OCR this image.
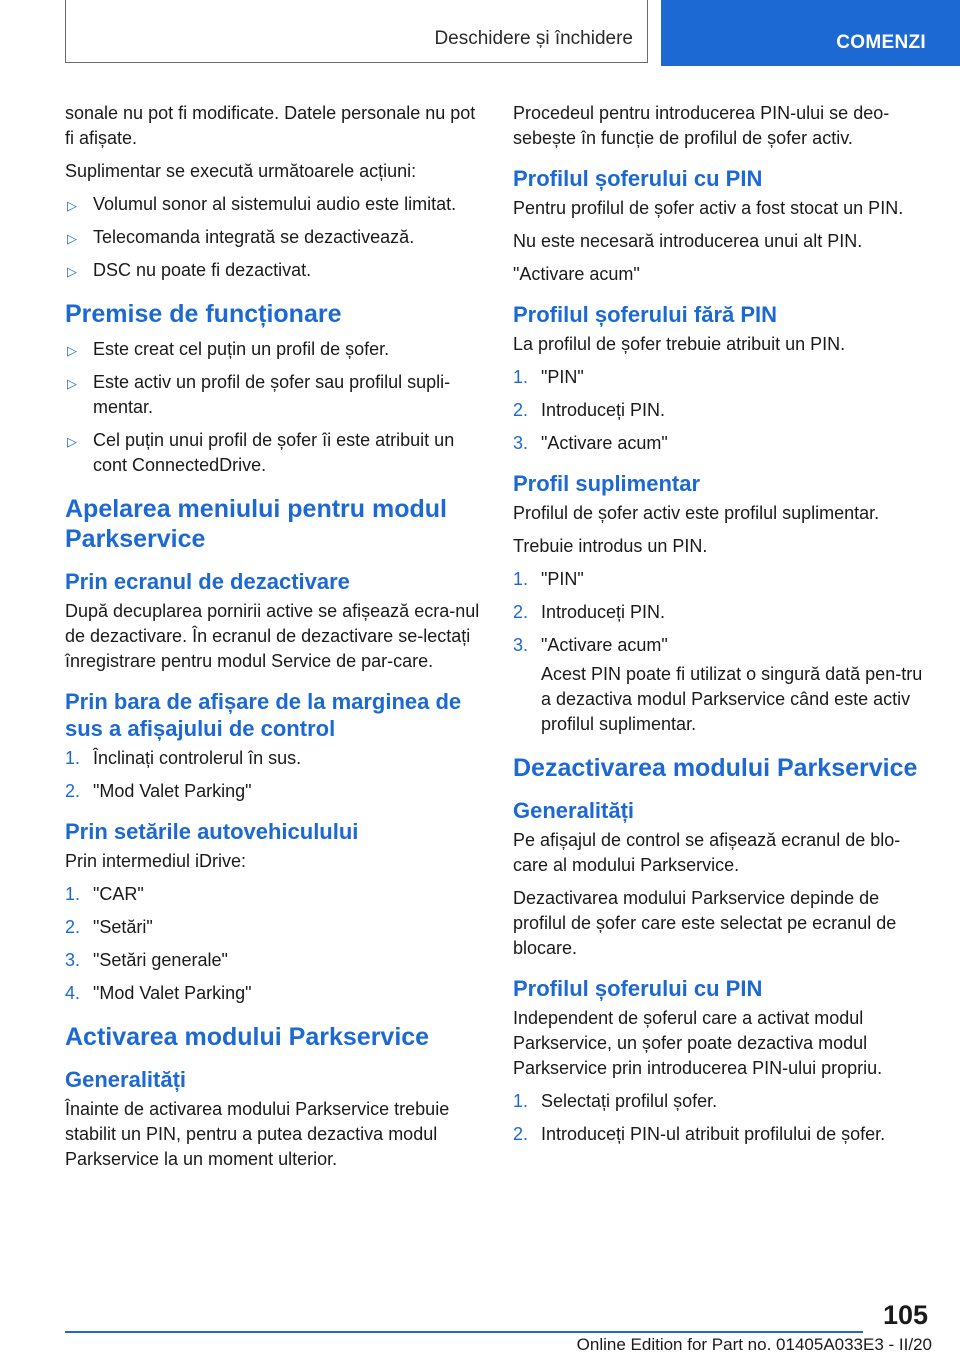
Deschidere și închidere	COMENZI

sonale nu pot fi modificate. Datele personale nu pot fi afișate.

Suplimentar se execută următoarele acțiuni:

▷ Volumul sonor al sistemului audio este limitat.
▷ Telecomanda integrată se dezactivează.
▷ DSC nu poate fi dezactivat.
Premise de funcționare
▷ Este creat cel puțin un profil de șofer.
▷ Este activ un profil de șofer sau profilul supli-mentar.
▷ Cel puțin unui profil de șofer îi este atribuit un cont ConnectedDrive.
Apelarea meniului pentru modul Parkservice
Prin ecranul de dezactivare

După decuplarea pornirii active se afișează ecra-nul de dezactivare. În ecranul de dezactivare se-lectați înregistrare pentru modul Service de par-care.

Prin bara de afișare de la marginea de sus a afișajului de control
1. Înclinați controlerul în sus.
2. "Mod Valet Parking"
Prin setările autovehiculului

Prin intermediul iDrive:

1. "CAR"
2. "Setări"
3. "Setări generale"
4. "Mod Valet Parking"
Activarea modului Parkservice
Generalități

Înainte de activarea modului Parkservice trebuie stabilit un PIN, pentru a putea dezactiva modul Parkservice la un moment ulterior.

Procedeul pentru introducerea PIN-ului se deo-sebește în funcție de profilul de șofer activ.

Profilul șoferului cu PIN

Pentru profilul de șofer activ a fost stocat un PIN.

Nu este necesară introducerea unui alt PIN.

"Activare acum"

Profilul șoferului fără PIN

La profilul de șofer trebuie atribuit un PIN.

1. "PIN"
2. Introduceți PIN.
3. "Activare acum"
Profil suplimentar

Profilul de șofer activ este profilul suplimentar.

Trebuie introdus un PIN.

1. "PIN"
2. Introduceți PIN.
3. "Activare acum"

Acest PIN poate fi utilizat o singură dată pen-tru a dezactiva modul Parkservice când este activ profilul suplimentar.

Dezactivarea modului Parkservice
Generalități

Pe afișajul de control se afișează ecranul de blo-care al modului Parkservice.

Dezactivarea modului Parkservice depinde de profilul de șofer care este selectat pe ecranul de blocare.

Profilul șoferului cu PIN

Independent de șoferul care a activat modul Parkservice, un șofer poate dezactiva modul Parkservice prin introducerea PIN-ului propriu.

1. Selectați profilul șofer.
2. Introduceți PIN-ul atribuit profilului de șofer.
105
Online Edition for Part no. 01405A033E3 - II/20
